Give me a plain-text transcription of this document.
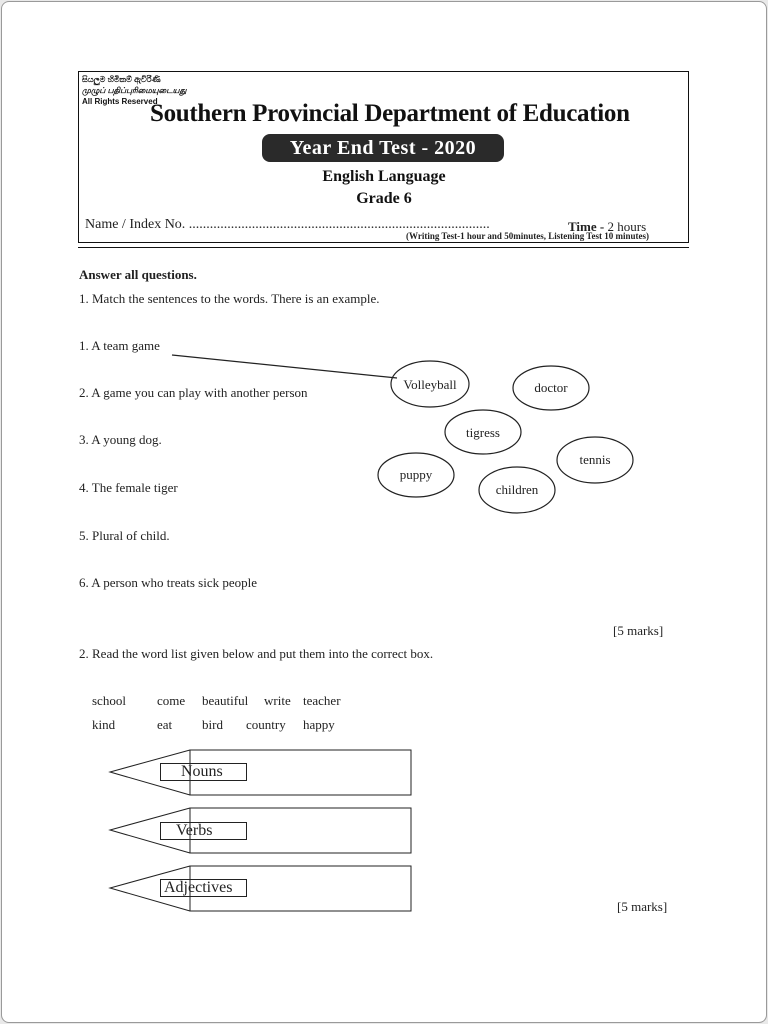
සියලුම හිමිකම් ඇවිරිණි
முழுப் பதிப்புரிமையுடையது
All Rights Reserved
Southern Provincial Department of Education
Year End Test - 2020
English Language
Grade 6
Name / Index No. ......................................................................................	Time - 2 hours
(Writing Test-1 hour and 50minutes, Listening Test 10 minutes)
Answer all questions.
1. Match the sentences to the words. There is an example.
1. A team game
2. A game you can play with another person
3. A young dog.
4. The female tiger
5. Plural of child.
6. A person who treats sick people
Volleyball	doctor
tigress
tennis
puppy
children
[5 marks]
2. Read the word list given below and put them into the correct box.
school come beautiful write teacher
kind	eat bird country happy
Nouns
Verbs
Adjectives
[5 marks]
